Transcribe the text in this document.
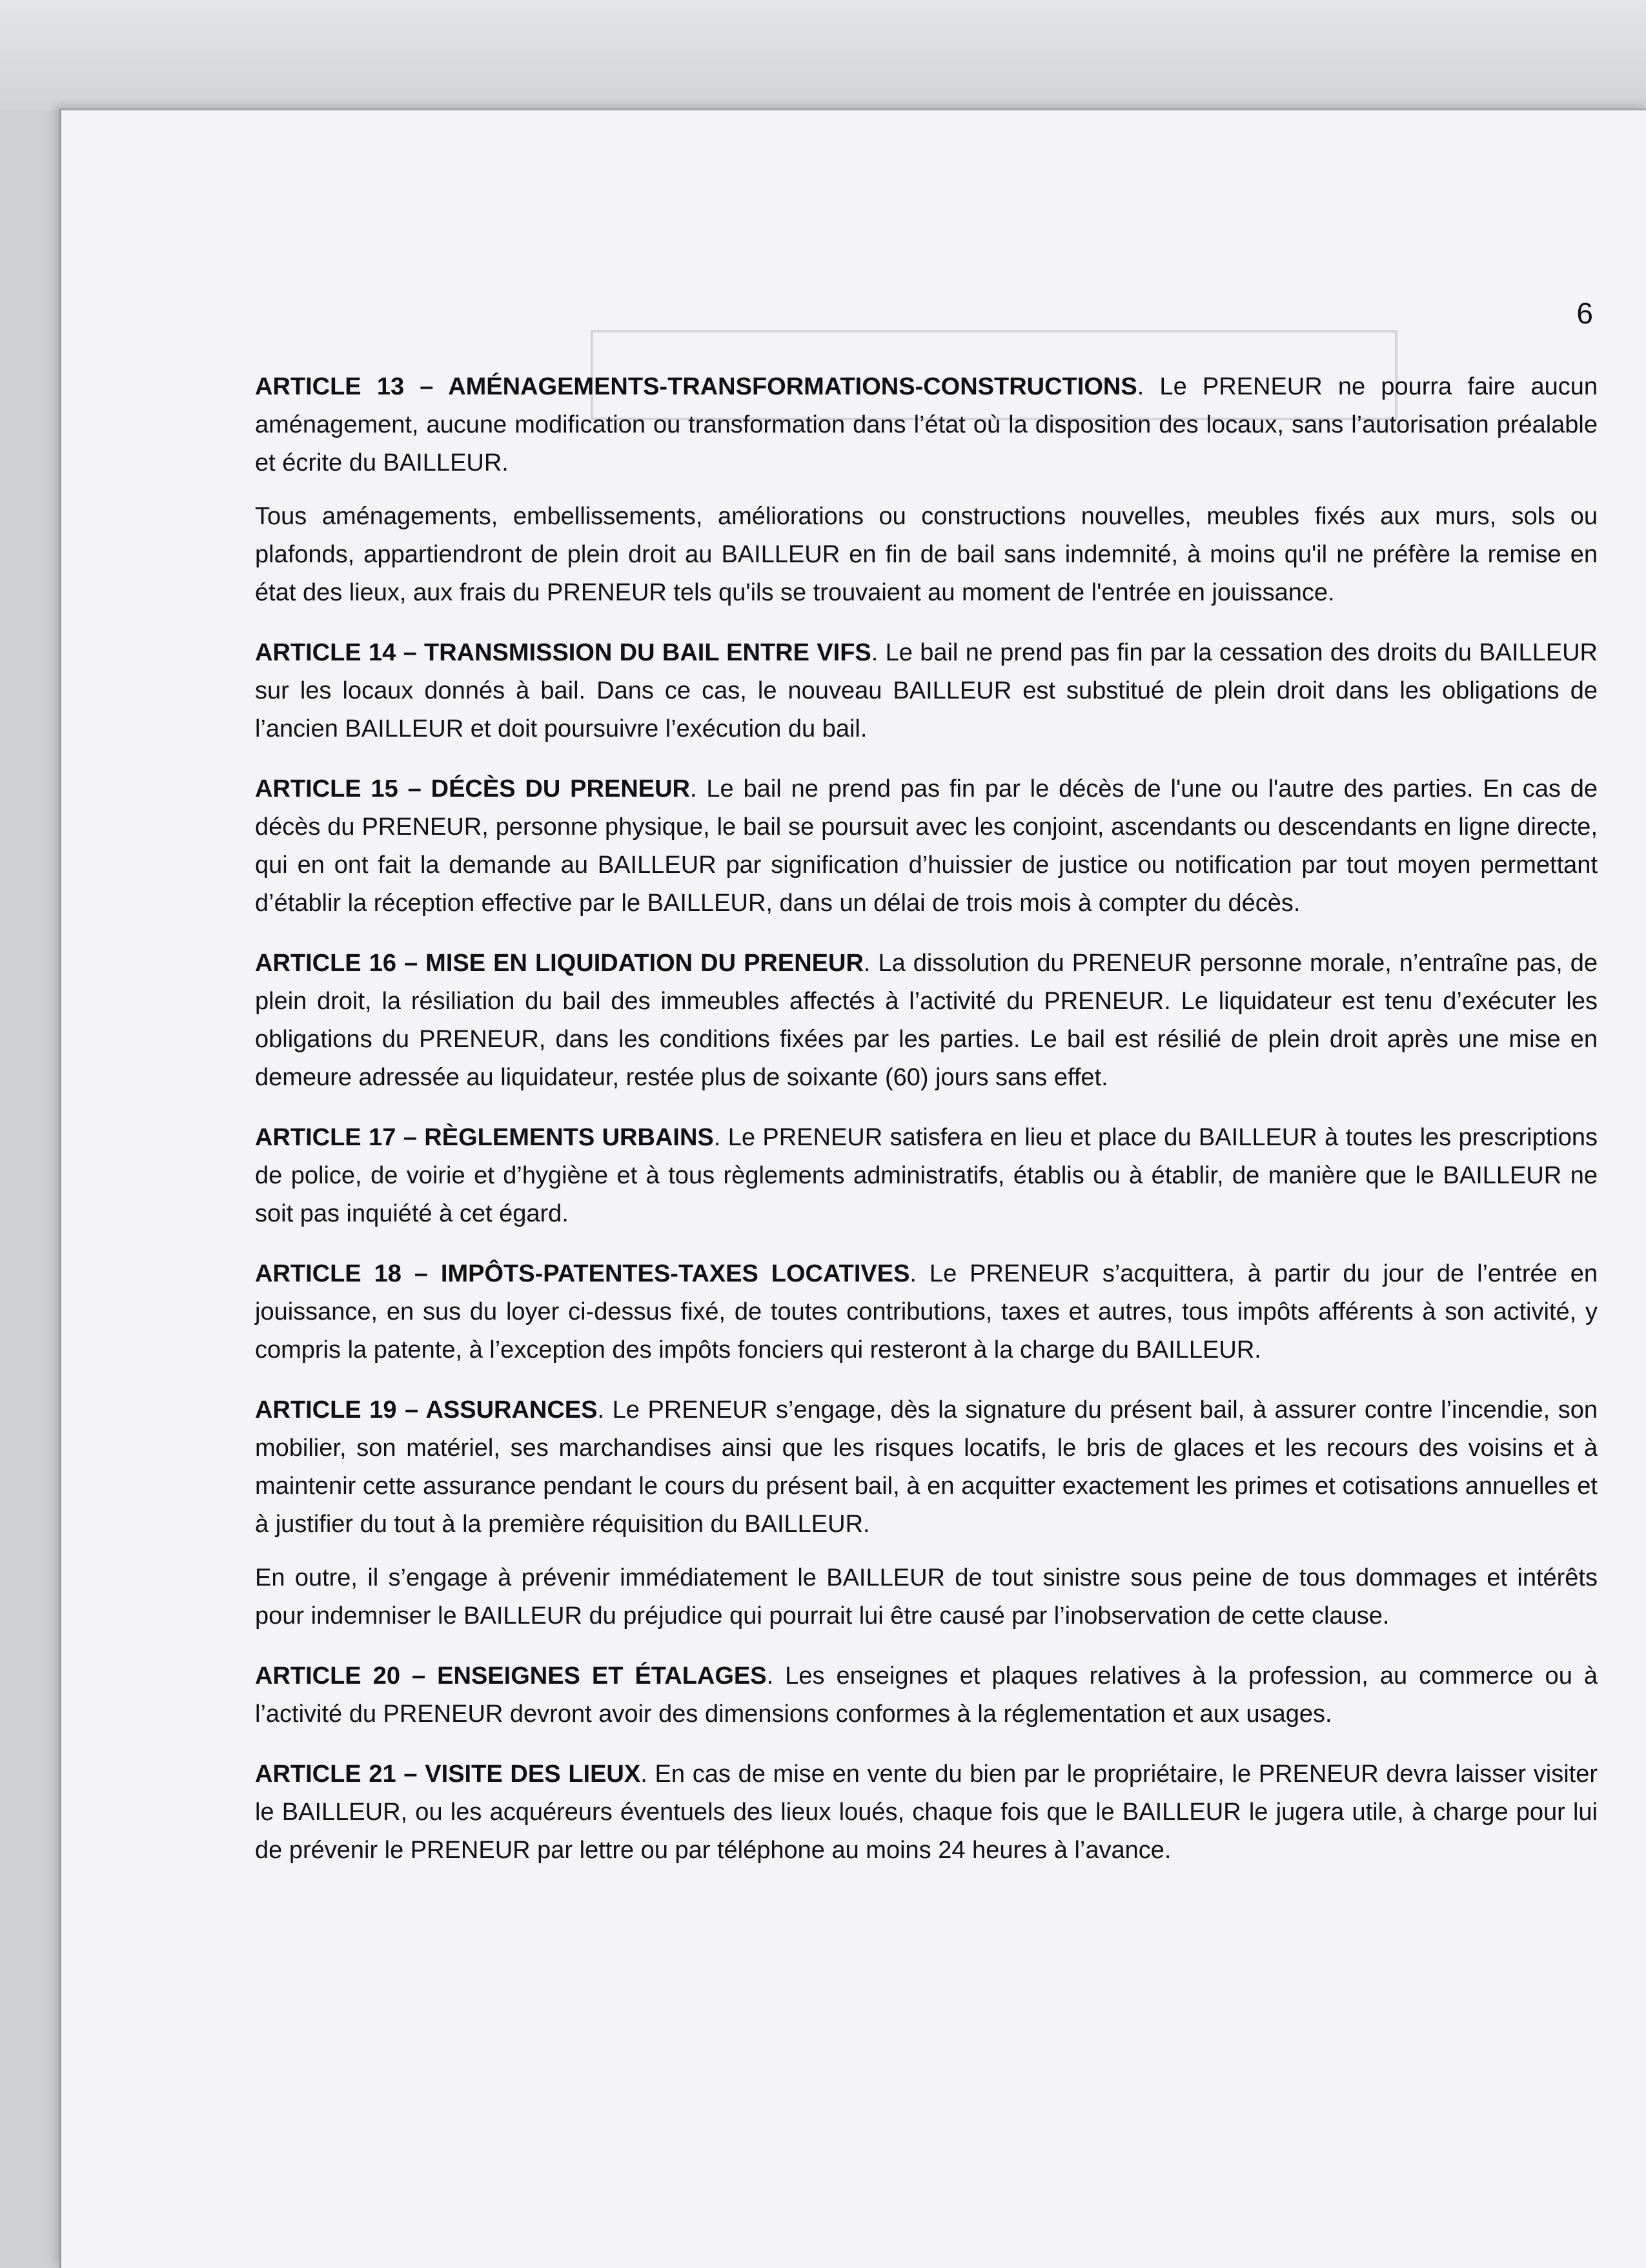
6

ARTICLE 13 – AMÉNAGEMENTS-TRANSFORMATIONS-CONSTRUCTIONS. Le PRENEUR ne pourra faire aucun aménagement, aucune modification ou transformation dans l’état où la disposition des locaux, sans l’autorisation préalable et écrite du BAILLEUR.

Tous aménagements, embellissements, améliorations ou constructions nouvelles, meubles fixés aux murs, sols ou plafonds, appartiendront de plein droit au BAILLEUR en fin de bail sans indemnité, à moins qu'il ne préfère la remise en état des lieux, aux frais du PRENEUR tels qu'ils se trouvaient au moment de l'entrée en jouissance.

ARTICLE 14 – TRANSMISSION DU BAIL ENTRE VIFS. Le bail ne prend pas fin par la cessation des droits du BAILLEUR sur les locaux donnés à bail. Dans ce cas, le nouveau BAILLEUR est substitué de plein droit dans les obligations de l’ancien BAILLEUR et doit poursuivre l’exécution du bail.

ARTICLE 15 – DÉCÈS DU PRENEUR. Le bail ne prend pas fin par le décès de l'une ou l'autre des parties. En cas de décès du PRENEUR, personne physique, le bail se poursuit avec les conjoint, ascendants ou descendants en ligne directe, qui en ont fait la demande au BAILLEUR par signification d’huissier de justice ou notification par tout moyen permettant d’établir la réception effective par le BAILLEUR, dans un délai de trois mois à compter du décès.

ARTICLE 16 – MISE EN LIQUIDATION DU PRENEUR. La dissolution du PRENEUR personne morale, n’entraîne pas, de plein droit, la résiliation du bail des immeubles affectés à l’activité du PRENEUR. Le liquidateur est tenu d’exécuter les obligations du PRENEUR, dans les conditions fixées par les parties. Le bail est résilié de plein droit après une mise en demeure adressée au liquidateur, restée plus de soixante (60) jours sans effet.

ARTICLE 17 – RÈGLEMENTS URBAINS. Le PRENEUR satisfera en lieu et place du BAILLEUR à toutes les prescriptions de police, de voirie et d’hygiène et à tous règlements administratifs, établis ou à établir, de manière que le BAILLEUR ne soit pas inquiété à cet égard.

ARTICLE 18 – IMPÔTS-PATENTES-TAXES LOCATIVES. Le PRENEUR s’acquittera, à partir du jour de l’entrée en jouissance, en sus du loyer ci-dessus fixé, de toutes contributions, taxes et autres, tous impôts afférents à son activité, y compris la patente, à l’exception des impôts fonciers qui resteront à la charge du BAILLEUR.

ARTICLE 19 – ASSURANCES. Le PRENEUR s’engage, dès la signature du présent bail, à assurer contre l’incendie, son mobilier, son matériel, ses marchandises ainsi que les risques locatifs, le bris de glaces et les recours des voisins et à maintenir cette assurance pendant le cours du présent bail, à en acquitter exactement les primes et cotisations annuelles et à justifier du tout à la première réquisition du BAILLEUR.

En outre, il s’engage à prévenir immédiatement le BAILLEUR de tout sinistre sous peine de tous dommages et intérêts pour indemniser le BAILLEUR du préjudice qui pourrait lui être causé par l’inobservation de cette clause.

ARTICLE 20 – ENSEIGNES ET ÉTALAGES. Les enseignes et plaques relatives à la profession, au commerce ou à l’activité du PRENEUR devront avoir des dimensions conformes à la réglementation et aux usages.

ARTICLE 21 – VISITE DES LIEUX. En cas de mise en vente du bien par le propriétaire, le PRENEUR devra laisser visiter le BAILLEUR, ou les acquéreurs éventuels des lieux loués, chaque fois que le BAILLEUR le jugera utile, à charge pour lui de prévenir le PRENEUR par lettre ou par téléphone au moins 24 heures à l’avance.
